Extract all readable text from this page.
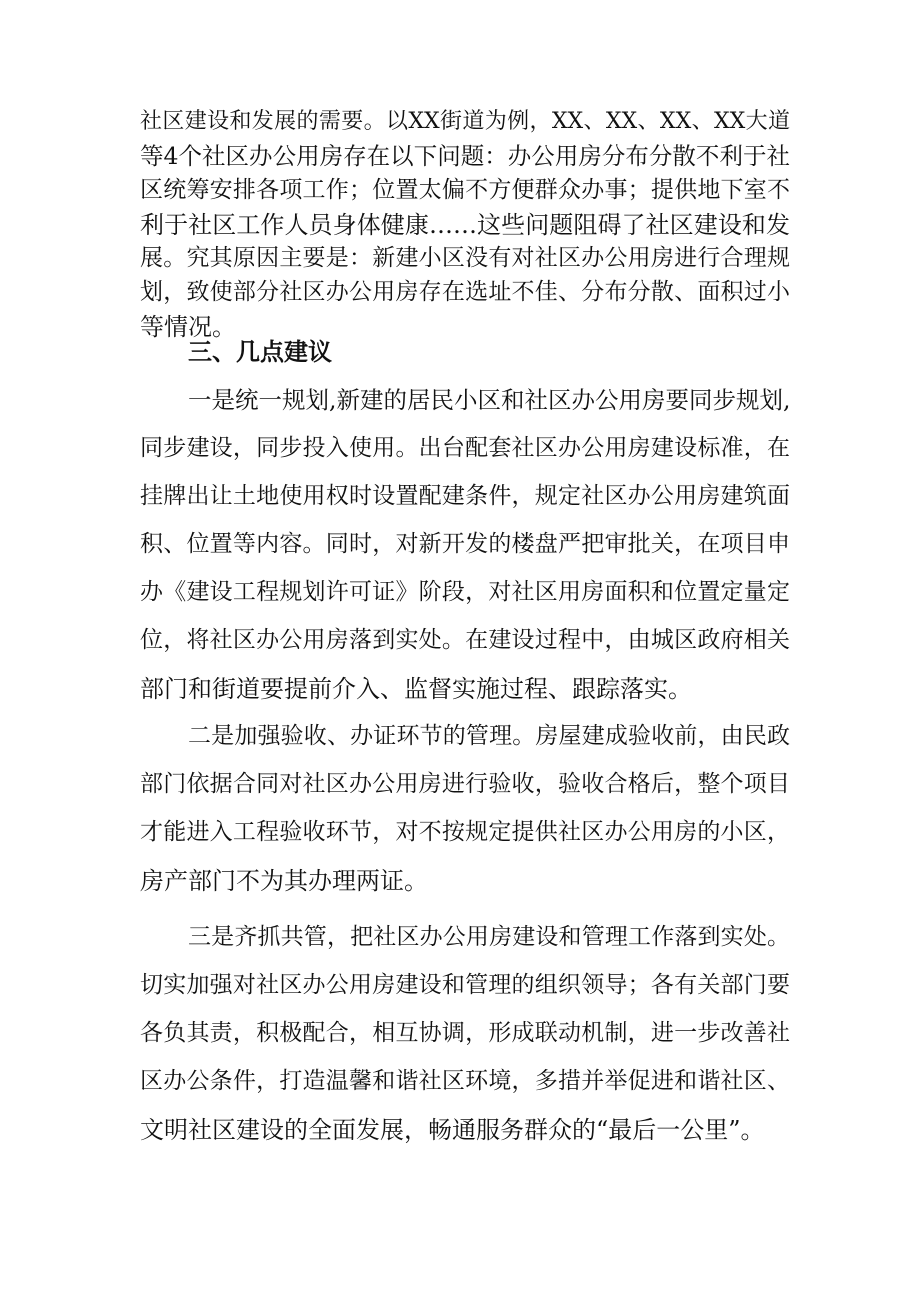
社区建设和发展的需要。以XX街道为例，XX、XX、XX、XX大道
等4个社区办公用房存在以下问题：办公用房分布分散不利于社
区统筹安排各项工作；位置太偏不方便群众办事；提供地下室不
利于社区工作人员身体健康……这些问题阻碍了社区建设和发
展。究其原因主要是：新建小区没有对社区办公用房进行合理规
划，致使部分社区办公用房存在选址不佳、分布分散、面积过小
等情况。
三、几点建议
一是统一规划,新建的居民小区和社区办公用房要同步规划,
同步建设，同步投入使用。出台配套社区办公用房建设标准，在
挂牌出让土地使用权时设置配建条件，规定社区办公用房建筑面
积、位置等内容。同时，对新开发的楼盘严把审批关，在项目申
办《建设工程规划许可证》阶段，对社区用房面积和位置定量定
位，将社区办公用房落到实处。在建设过程中，由城区政府相关
部门和街道要提前介入、监督实施过程、跟踪落实。
二是加强验收、办证环节的管理。房屋建成验收前，由民政
部门依据合同对社区办公用房进行验收，验收合格后，整个项目
才能进入工程验收环节，对不按规定提供社区办公用房的小区，
房产部门不为其办理两证。
三是齐抓共管，把社区办公用房建设和管理工作落到实处。
切实加强对社区办公用房建设和管理的组织领导；各有关部门要
各负其责，积极配合，相互协调，形成联动机制，进一步改善社
区办公条件，打造温馨和谐社区环境，多措并举促进和谐社区、
文明社区建设的全面发展，畅通服务群众的“最后一公里”。
